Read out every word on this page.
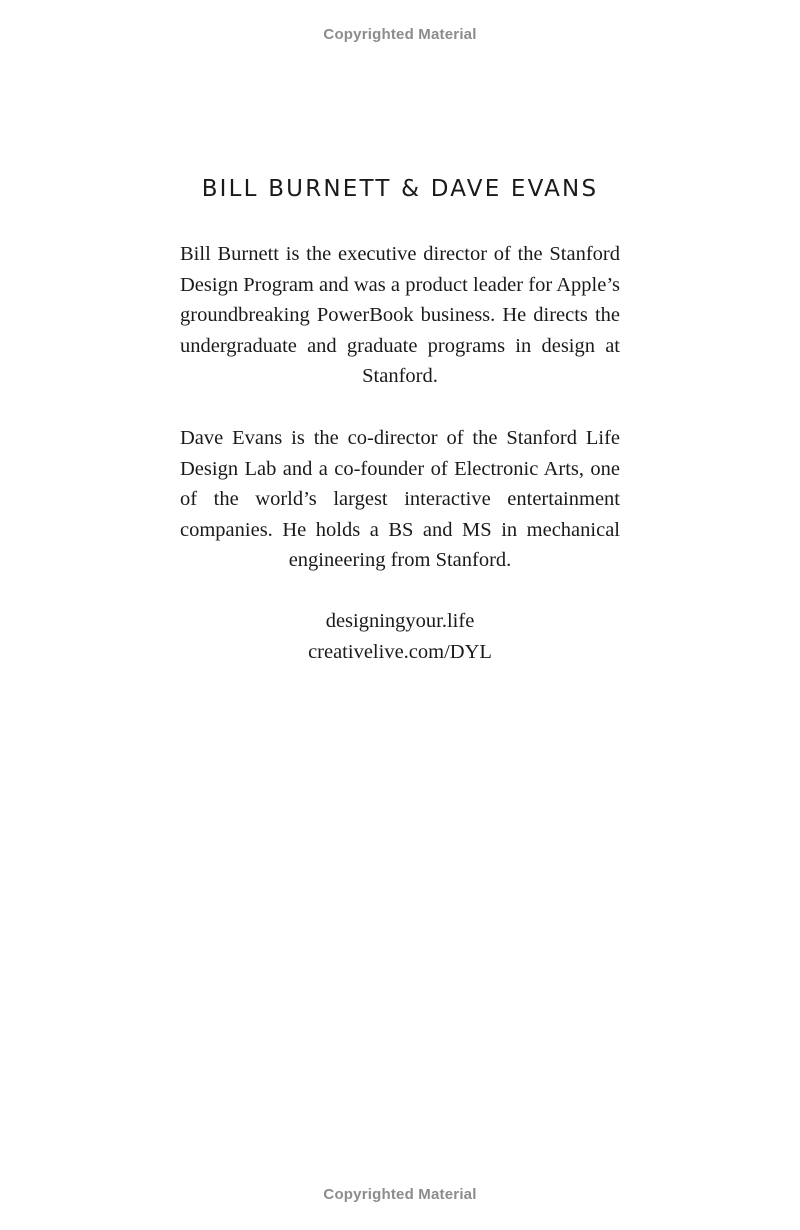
Copyrighted Material
BILL BURNETT & DAVE EVANS

Bill Burnett is the executive director of the Stanford Design Program and was a product leader for Apple’s groundbreaking PowerBook business. He directs the undergraduate and graduate programs in design at Stanford.

Dave Evans is the co-director of the Stanford Life Design Lab and a co-founder of Electronic Arts, one of the world’s largest interactive entertainment companies. He holds a BS and MS in mechanical engineering from Stanford.

designingyour.life
creativelive.com/DYL
Copyrighted Material
